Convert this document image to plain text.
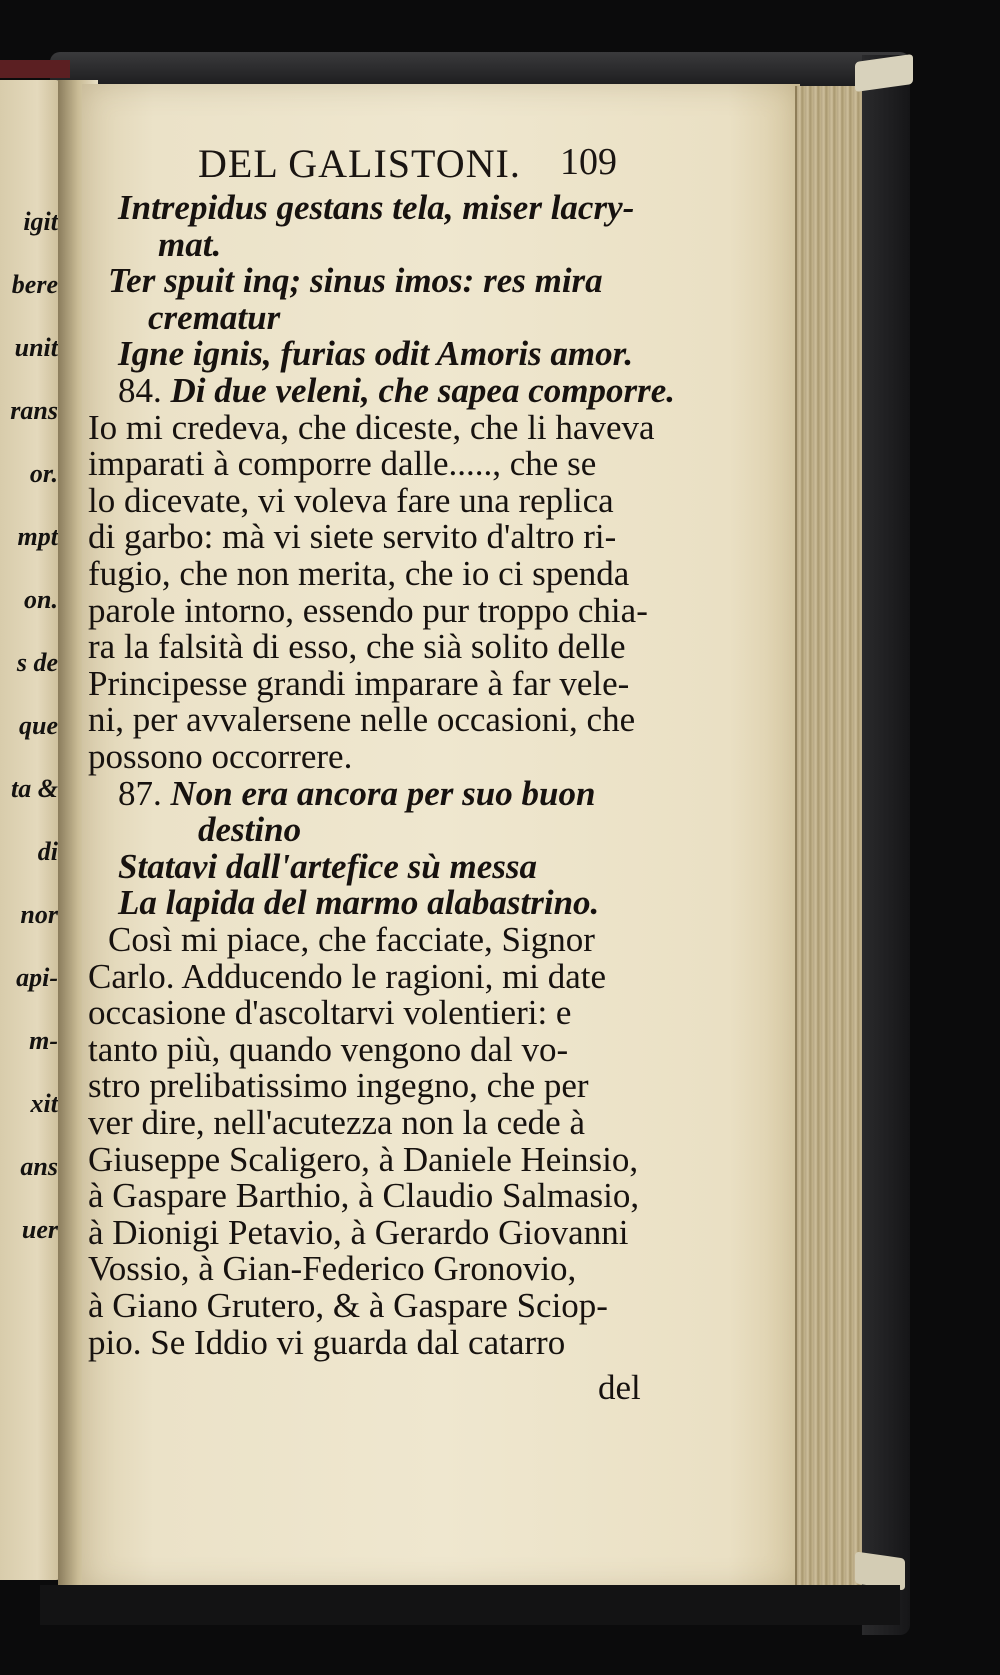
igit
bere
unit
rans
or.
mpt
on.
s de
que
ta &
di
nor
api-
m-
xit
ans
uer
DEL GALISTONI. 109
Intrepidus gestans tela, miser lacry-
mat.
Ter spuit inq; sinus imos: res mira
crematur
Igne ignis, furias odit Amoris amor.
84. Di due veleni, che sapea comporre.
Io mi credeva, che diceste, che li haveva
imparati à comporre dalle....., che se
lo dicevate, vi voleva fare una replica
di garbo: mà vi siete servito d'altro ri-
fugio, che non merita, che io ci spenda
parole intorno, essendo pur troppo chia-
ra la falsità di esso, che sià solito delle
Principesse grandi imparare à far vele-
ni, per avvalersene nelle occasioni, che
possono occorrere.
87. Non era ancora per suo buon
destino
Statavi dall'artefice sù messa
La lapida del marmo alabastrino.
Così mi piace, che facciate, Signor
Carlo. Adducendo le ragioni, mi date
occasione d'ascoltarvi volentieri: e
tanto più, quando vengono dal vo-
stro prelibatissimo ingegno, che per
ver dire, nell'acutezza non la cede à
Giuseppe Scaligero, à Daniele Heinsio,
à Gaspare Barthio, à Claudio Salmasio,
à Dionigi Petavio, à Gerardo Giovanni
Vossio, à Gian-Federico Gronovio,
à Giano Grutero, & à Gaspare Sciop-
pio. Se Iddio vi guarda dal catarro
del
